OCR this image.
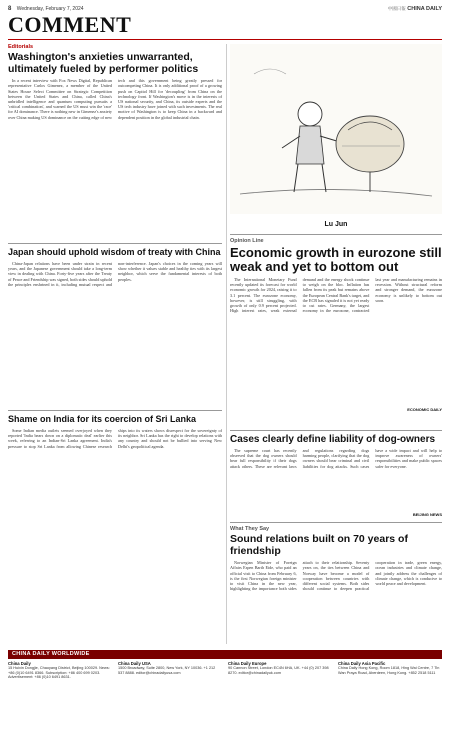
8 Wednesday, February 7, 2024	中國日報 CHINA DAILY
COMMENT
Editorials
Washington's anxieties unwarranted, ultimately fueled by performer politics

In a recent interview with Fox News Digital, Republican representative Carlos Gimenez, a member of the United States House Select Committee on Strategic Competition between the United States and China, called China's unbridled intelligence and quantum computing pursuits a 'critical combination', and warned the US must win the 'race' for AI dominance. There is nothing new in Gimenez's anxiety over China making US dominance on the cutting edge of new tech and this government being greatly pressed for outcompeting China. It is only additional proof of a growing push on Capitol Hill for 'decoupling' from China on the technology front. If Washington's move is in the interests of US national security, and China, its outside experts and the US tech industry have joined with such investments. The real motive of Washington is to keep China in a backward and dependent position in the global industrial chain.

Japan should uphold wisdom of treaty with China

China-Japan relations have been under strain in recent years, and the Japanese government should take a long-term view in dealing with China. Forty-five years after the Treaty of Peace and Friendship was signed, both sides should uphold the principles enshrined in it, including mutual respect and non-interference. Japan's choices in the coming years will show whether it values stable and healthy ties with its largest neighbor, which serve the fundamental interests of both peoples.

Shame on India for its coercion of Sri Lanka

Some Indian media outlets seemed overjoyed when they reported 'India bears down on a diplomatic deal' earlier this week, referring to an Indian-Sri Lanka agreement. India's pressure to stop Sri Lanka from allowing Chinese research ships into its waters shows disrespect for the sovereignty of its neighbor. Sri Lanka has the right to develop relations with any country and should not be bullied into serving New Delhi's geopolitical agenda.

Lu Jun
Opinion Line
Economic growth in eurozone still weak and yet to bottom out

The International Monetary Fund recently updated its forecast for world economic growth for 2024, raising it to 3.1 percent. The eurozone economy, however, is still struggling, with growth of only 0.9 percent projected. High interest rates, weak external demand and the energy shock continue to weigh on the bloc. Inflation has fallen from its peak but remains above the European Central Bank's target, and the ECB has signaled it is not yet ready to cut rates. Germany, the largest economy in the eurozone, contracted last year and manufacturing remains in recession. Without structural reform and stronger demand, the eurozone economy is unlikely to bottom out soon.

ECONOMIC DAILY
Cases clearly define liability of dog-owners

The supreme court has recently observed that the dog owners should bear full responsibility if their dogs attack others. These are relevant laws and regulations regarding dogs harming people, clarifying that the dog owners should bear criminal and civil liabilities for dog attacks. Such cases have a wide impact and will help to improve awareness of owners' responsibilities and make public spaces safer for everyone.

BEIJING NEWS
What They Say
Sound relations built on 70 years of friendship

Norwegian Minister of Foreign Affairs Espen Barth Eide, who paid an official visit to China from February 6, is the first Norwegian foreign minister to visit China in the new year, highlighting the importance both sides attach to their relationship. Seventy years on, the ties between China and Norway have become a model of cooperation between countries with different social systems. Both sides should continue to deepen practical cooperation in trade, green energy, ocean industries and climate change, and jointly address the challenges of climate change, which is conducive to world peace and development.

CHINA DAILY WORLDWIDE
China Daily
15 Huixin Dongjie, Chaoyang District, Beijing 100029. News: +86 (0)10 6491 8366. Subscription: +86 400 699 0203. Advertisement: +86 (0)10 6491 8631.
China Daily USA
1500 Broadway, Suite 2800, New York, NY 10036. +1 212 537 8888. editor@chinadailyusa.com
China Daily Europe
90 Cannon Street, London EC4N 6HA, UK. +44 (0) 207 398 8270. editor@chinadailyuk.com
China Daily Asia Pacific
China Daily Hong Kong, Room 1818, Hing Wai Centre, 7 Tin Wan Praya Road, Aberdeen, Hong Kong. +852 2518 5111
